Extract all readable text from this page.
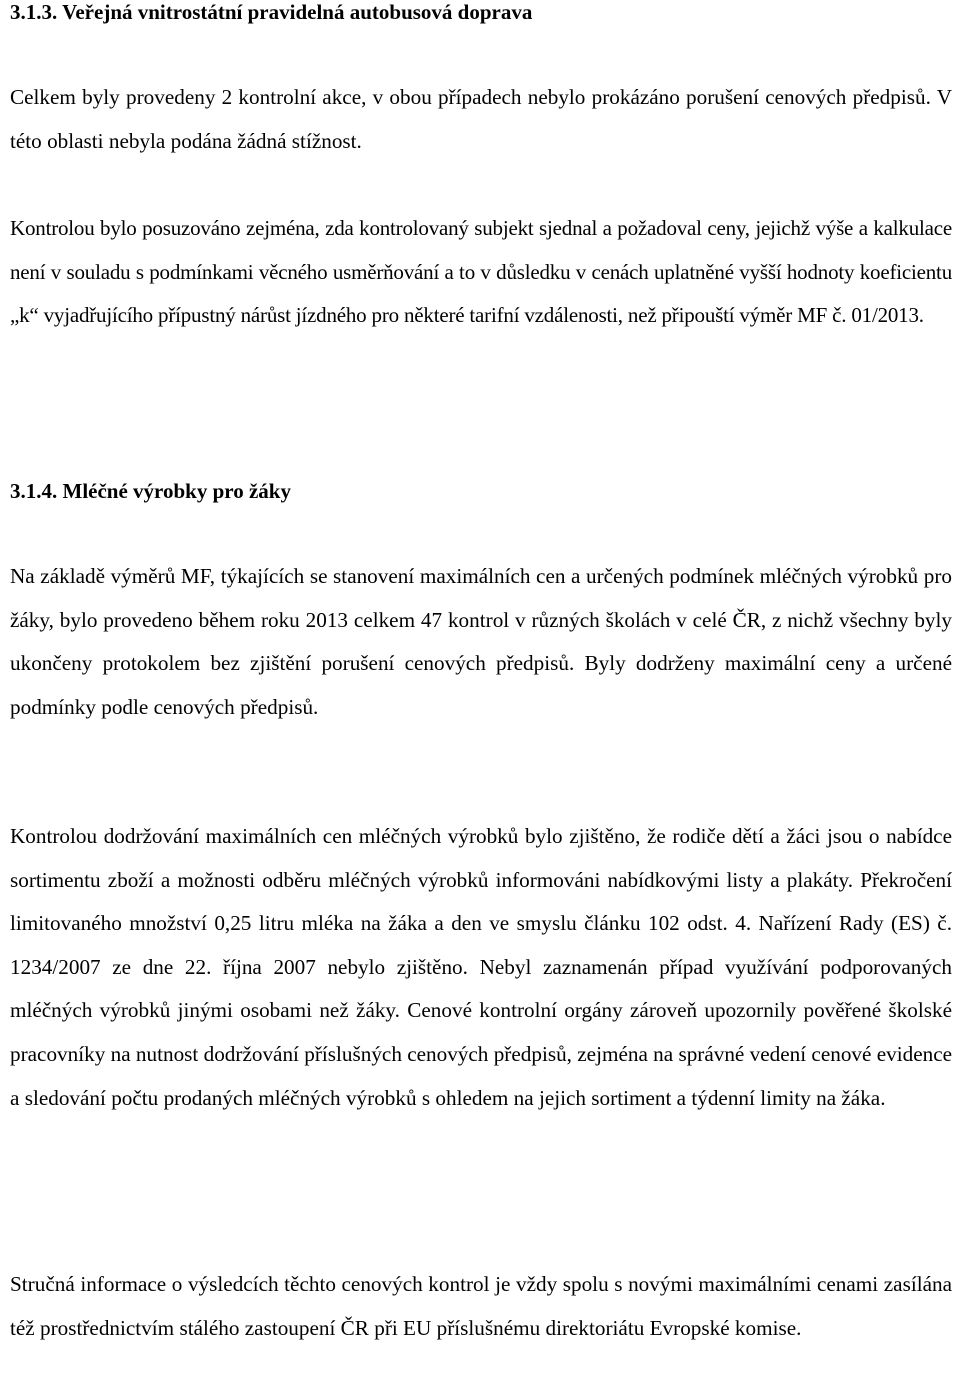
3.1.3. Veřejná vnitrostátní pravidelná autobusová doprava

Celkem byly provedeny 2 kontrolní akce, v obou případech nebylo prokázáno porušení cenových předpisů. V této oblasti nebyla podána žádná stížnost.

Kontrolou bylo posuzováno zejména, zda kontrolovaný subjekt sjednal a požadoval ceny, jejichž výše a kalkulace není v souladu s podmínkami věcného usměrňování a to v důsledku v cenách uplatněné vyšší hodnoty koeficientu „k“ vyjadřujícího přípustný nárůst jízdného pro některé tarifní vzdálenosti, než připouští výměr MF č. 01/2013.

3.1.4. Mléčné výrobky pro žáky

Na základě výměrů MF, týkajících se stanovení maximálních cen a určených podmínek mléčných výrobků pro žáky, bylo provedeno během roku 2013 celkem 47 kontrol v různých školách v celé ČR, z nichž všechny byly ukončeny protokolem bez zjištění porušení cenových předpisů. Byly dodrženy maximální ceny a určené podmínky podle cenových předpisů.

Kontrolou dodržování maximálních cen mléčných výrobků bylo zjištěno, že rodiče dětí a žáci jsou o nabídce sortimentu zboží a možnosti odběru mléčných výrobků informováni nabídkovými listy a plakáty. Překročení limitovaného množství 0,25 litru mléka na žáka a den ve smyslu článku 102 odst. 4. Nařízení Rady (ES) č. 1234/2007 ze dne 22. října 2007 nebylo zjištěno. Nebyl zaznamenán případ využívání podporovaných mléčných výrobků jinými osobami než žáky. Cenové kontrolní orgány zároveň upozornily pověřené školské pracovníky na nutnost dodržování příslušných cenových předpisů, zejména na správné vedení cenové evidence a sledování počtu prodaných mléčných výrobků s ohledem na jejich sortiment a týdenní limity na žáka.

Stručná informace o výsledcích těchto cenových kontrol je vždy spolu s novými maximálními cenami zasílána též prostřednictvím stálého zastoupení ČR při EU příslušnému direktoriátu Evropské komise.
